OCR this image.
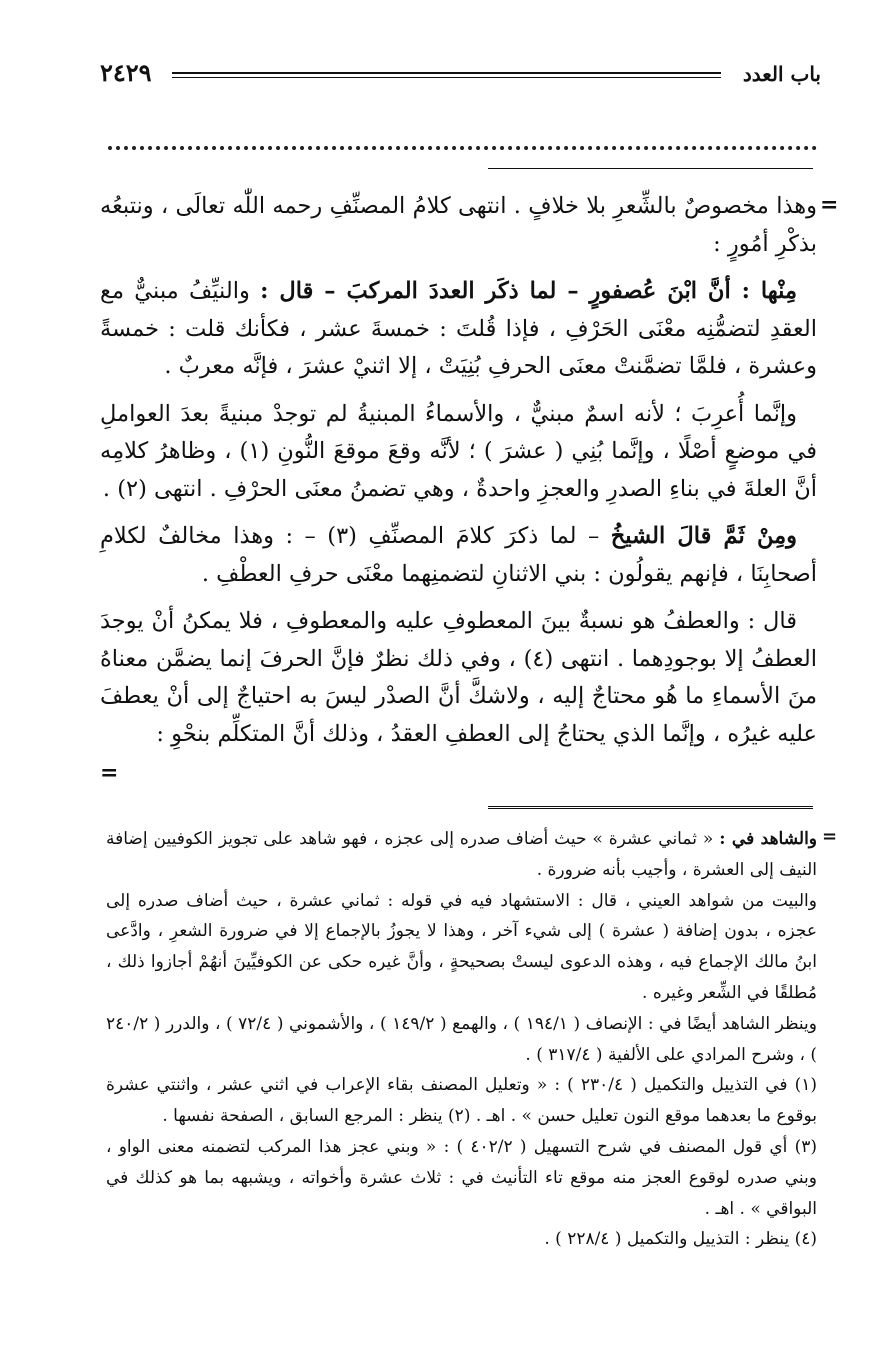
باب العدد
٢٤٢٩
=

وهذا مخصوصٌ بالشِّعرِ بلا خلافٍ . انتهى كلامُ المصنِّفِ رحمه اللّٰه تعالَى ، ونتبعُه بذكْرِ أمُورٍ :

مِنْها : أنَّ ابْنَ عُصفورٍ – لما ذكَر العددَ المركبَ – قال : والنيِّفُ مبنيٌّ مع العقدِ لتضمُّنِه معْنَى الحَرْفِ ، فإذا قُلتَ : خمسةَ عشر ، فكأنك قلت : خمسةً وعشرة ، فلمَّا تضمَّنتْ معنَى الحرفِ بُنِيَتْ ، إلا اثنيْ عشرَ ، فإنَّه معربٌ .

وإنَّما أُعرِبَ ؛ لأنه اسمٌ مبنيٌّ ، والأسماءُ المبنيةُ لم توجدْ مبنيةً بعدَ العواملِ في موضعٍ أصْلًا ، وإنَّما بُنِي ( عشرَ ) ؛ لأنَّه وقعَ موقعَ النُّونِ (١) ، وظاهرُ كلامِه أنَّ العلةَ في بناءِ الصدرِ والعجزِ واحدةٌ ، وهي تضمنُ معنَى الحرْفِ . انتهى (٢) .

ومِنْ ثَمَّ قالَ الشيخُ – لما ذكرَ كلامَ المصنِّفِ (٣) – : وهذا مخالفٌ لكلامِ أصحابِنَا ، فإنهم يقولُون : بني الاثنانِ لتضمنِهما معْنَى حرفِ العطْفِ .

قال : والعطفُ هو نسبةٌ بينَ المعطوفِ عليه والمعطوفِ ، فلا يمكنُ أنْ يوجدَ العطفُ إلا بوجودِهما . انتهى (٤) ، وفي ذلك نظرٌ فإنَّ الحرفَ إنما يضمَّن معناهُ منَ الأسماءِ ما هُو محتاجٌ إليه ، ولاشكَّ أنَّ الصدْر ليسَ به احتياجٌ إلى أنْ يعطفَ عليه غيرُه ، وإنَّما الذي يحتاجُ إلى العطفِ العقدُ ، وذلك أنَّ المتكلِّم بنحْوِ :

=
=

والشاهد في : « ثماني عشرة » حيث أضاف صدره إلى عجزه ، فهو شاهد على تجويز الكوفيين إضافة النيف إلى العشرة ، وأجيب بأنه ضرورة .

والبيت من شواهد العيني ، قال : الاستشهاد فيه في قوله : ثماني عشرة ، حيث أضاف صدره إلى عجزه ، بدون إضافة ( عشرة ) إلى شيء آخر ، وهذا لا يجوزُ بالإجماع إلا في ضرورة الشعرِ ، وادَّعى ابنُ مالك الإجماع فيه ، وهذه الدعوى ليستْ بصحيحةٍ ، وأنَّ غيره حكى عن الكوفيِّينَ أنهُمْ أجازوا ذلك ، مُطلقًا في الشِّعر وغيره .

وينظر الشاهد أيضًا في : الإنصاف ( ١٩٤/١ ) ، والهمع ( ١٤٩/٢ ) ، والأشموني ( ٧٢/٤ ) ، والدرر ( ٢٤٠/٢ ) ، وشرح المرادي على الألفية ( ٣١٧/٤ ) .

(١) في التذييل والتكميل ( ٢٣٠/٤ ) : « وتعليل المصنف بقاء الإعراب في اثني عشر ، واثنتي عشرة بوقوع ما بعدهما موقع النون تعليل حسن » . اهـ . (٢) ينظر : المرجع السابق ، الصفحة نفسها .

(٣) أي قول المصنف في شرح التسهيل ( ٤٠٢/٢ ) : « وبني عجز هذا المركب لتضمنه معنى الواو ، وبني صدره لوقوع العجز منه موقع تاء التأنيث في : ثلاث عشرة وأخواته ، ويشبهه بما هو كذلك في البواقي » . اهـ .

(٤) ينظر : التذييل والتكميل ( ٢٢٨/٤ ) .
